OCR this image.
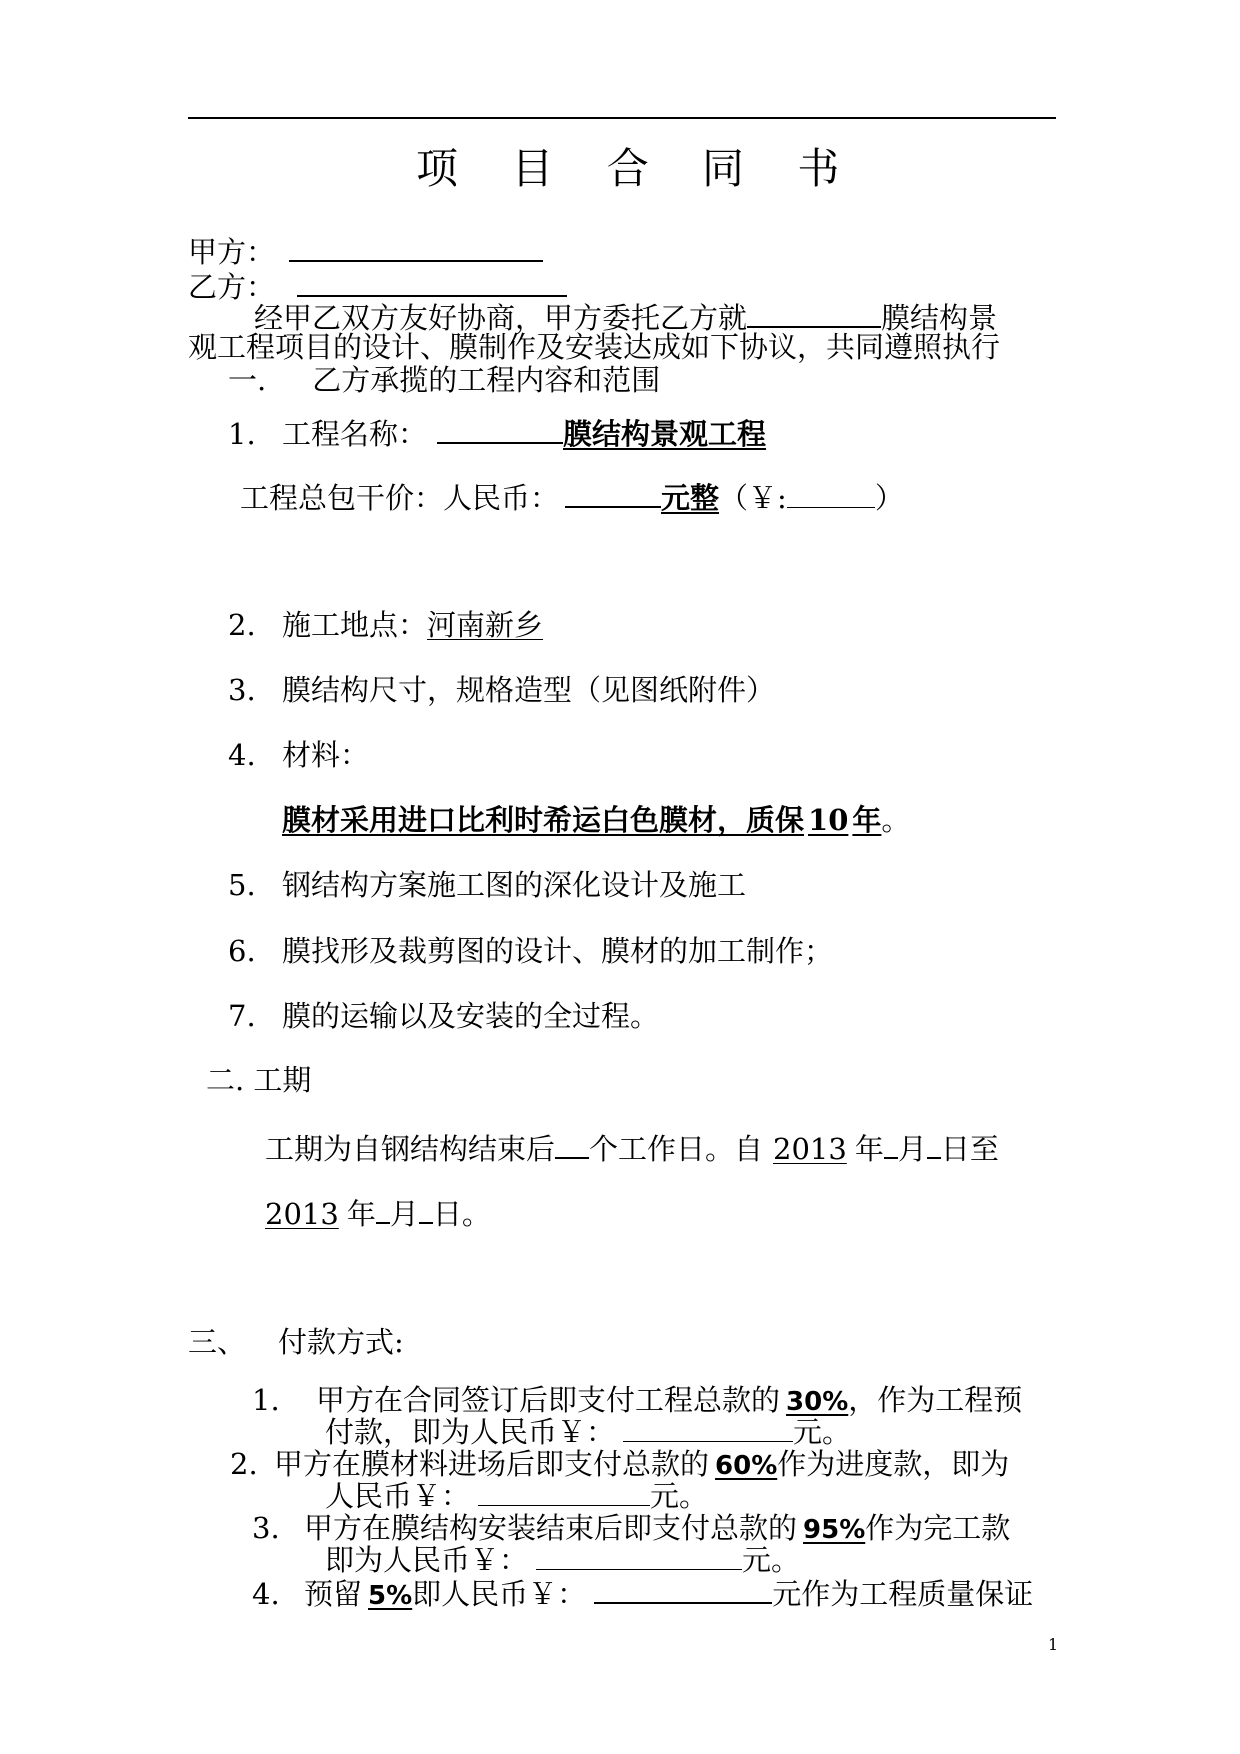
项 目 合 同 书
甲方：
乙方：
经甲乙双方友好协商，甲方委托乙方就	膜结构景
观工程项目的设计、膜制作及安装达成如下协议，共同遵照执行
一. 乙方承揽的工程内容和范围
1. 工程名称：	膜结构景观工程
工程总包干价：人民币：	元整（￥:	）
2. 施工地点：河南新乡
3. 膜结构尺寸，规格造型（见图纸附件）
4. 材料：
膜材采用进口比利时希运白色膜材，质保 10 年。
5. 钢结构方案施工图的深化设计及施工
6. 膜找形及裁剪图的设计、膜材的加工制作；
7. 膜的运输以及安装的全过程。
二. 工期
工期为自钢结构结束后 个工作日。自 2013 年 月 日至
2013 年 月 日。
三、 付款方式:
1. 甲方在合同签订后即支付工程总款的 30%，作为工程预
付款，即为人民币￥：	元。
2. 甲方在膜材料进场后即支付总款的 60%作为进度款，即为
人民币￥：	元。
3. 甲方在膜结构安装结束后即支付总款的 95%作为完工款
即为人民币￥：	元。
4. 预留 5%即人民币￥：	元作为工程质量保证
1
